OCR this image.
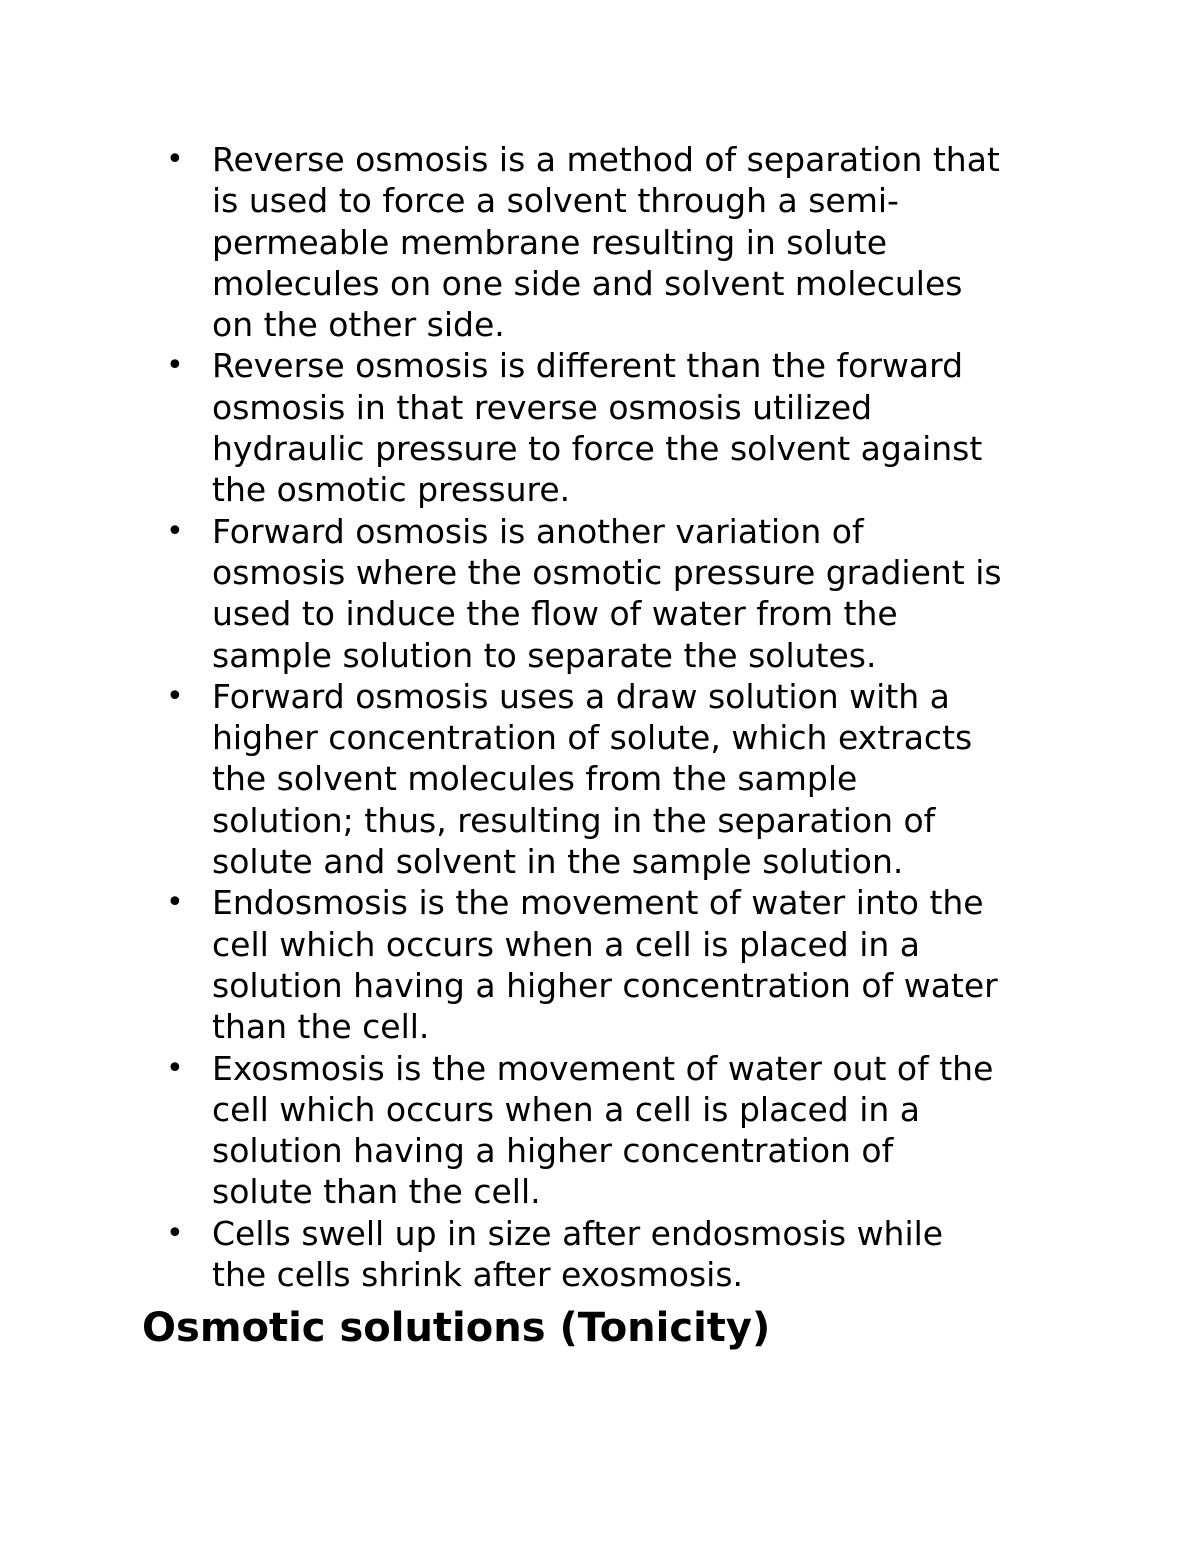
• Reverse osmosis is a method of separation that
is used to force a solvent through a semi-
permeable membrane resulting in solute
molecules on one side and solvent molecules
on the other side.
• Reverse osmosis is different than the forward
osmosis in that reverse osmosis utilized
hydraulic pressure to force the solvent against
the osmotic pressure.
• Forward osmosis is another variation of
osmosis where the osmotic pressure gradient is
used to induce the flow of water from the
sample solution to separate the solutes.
• Forward osmosis uses a draw solution with a
higher concentration of solute, which extracts
the solvent molecules from the sample
solution; thus, resulting in the separation of
solute and solvent in the sample solution.
• Endosmosis is the movement of water into the
cell which occurs when a cell is placed in a
solution having a higher concentration of water
than the cell.
• Exosmosis is the movement of water out of the
cell which occurs when a cell is placed in a
solution having a higher concentration of
solute than the cell.
• Cells swell up in size after endosmosis while
the cells shrink after exosmosis.
Osmotic solutions (Tonicity)
